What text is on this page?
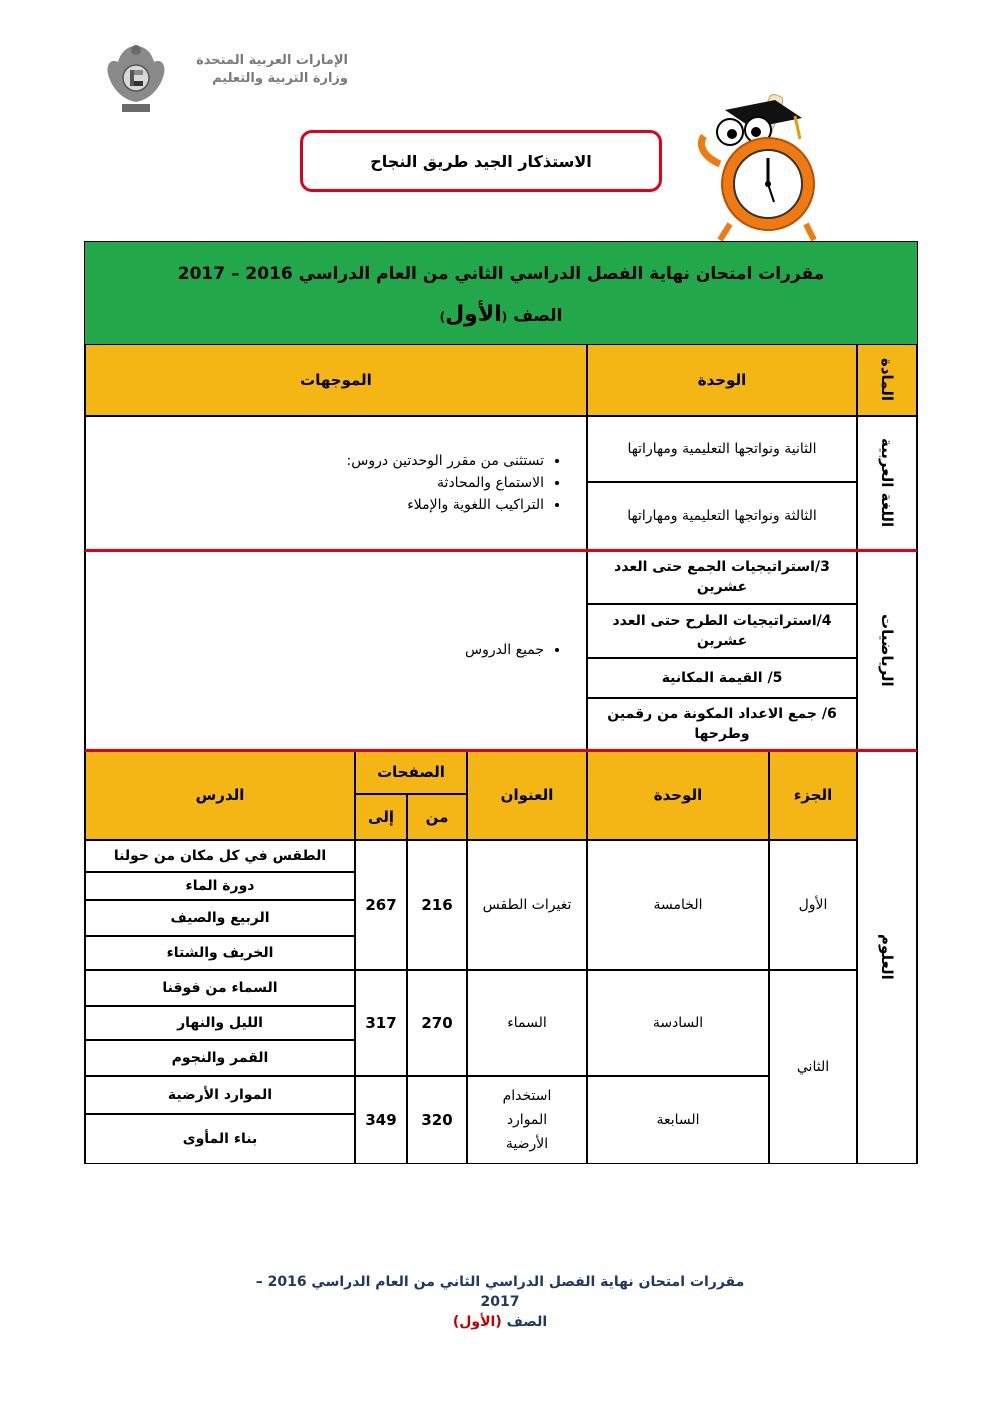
الإمارات العربية المتحدة
وزارة التربية والتعليم
الاستذكار الجيد طريق النجاح
مقررات امتحان نهاية الفصل الدراسي الثاني من العام الدراسي 2016 – 2017
الصف (الأول)
المادة
الوحدة
الموجهات
اللغة العربية
الثانية ونواتجها التعليمية ومهاراتها
الثالثة ونواتجها التعليمية ومهاراتها
• تستثنى من مقرر الوحدتين دروس:
• الاستماع والمحادثة
• التراكيب اللغوية والإملاء
الرياضيات
3/استراتيجيات الجمع حتى العدد عشرين
4/استراتيجيات الطرح حتى العدد عشرين
5/ القيمة المكانية
6/ جمع الاعداد المكونة من رقمين وطرحها
• جميع الدروس
العلوم
الجزء
الوحدة
العنوان
الصفحات
من
إلى
الدرس
الأول
الثاني
الخامسة
تغيرات الطقس
216
267
الطقس في كل مكان من حولنا
دورة الماء
الربيع والصيف
الخريف والشتاء
السادسة
السماء
270
317
السماء من فوقنا
الليل والنهار
القمر والنجوم
السابعة
استخدام الموارد الأرضية
320
349
الموارد الأرضية
بناء المأوى
مقررات امتحان نهاية الفصل الدراسي الثاني من العام الدراسي 2016 – 2017
الصف (الأول)
